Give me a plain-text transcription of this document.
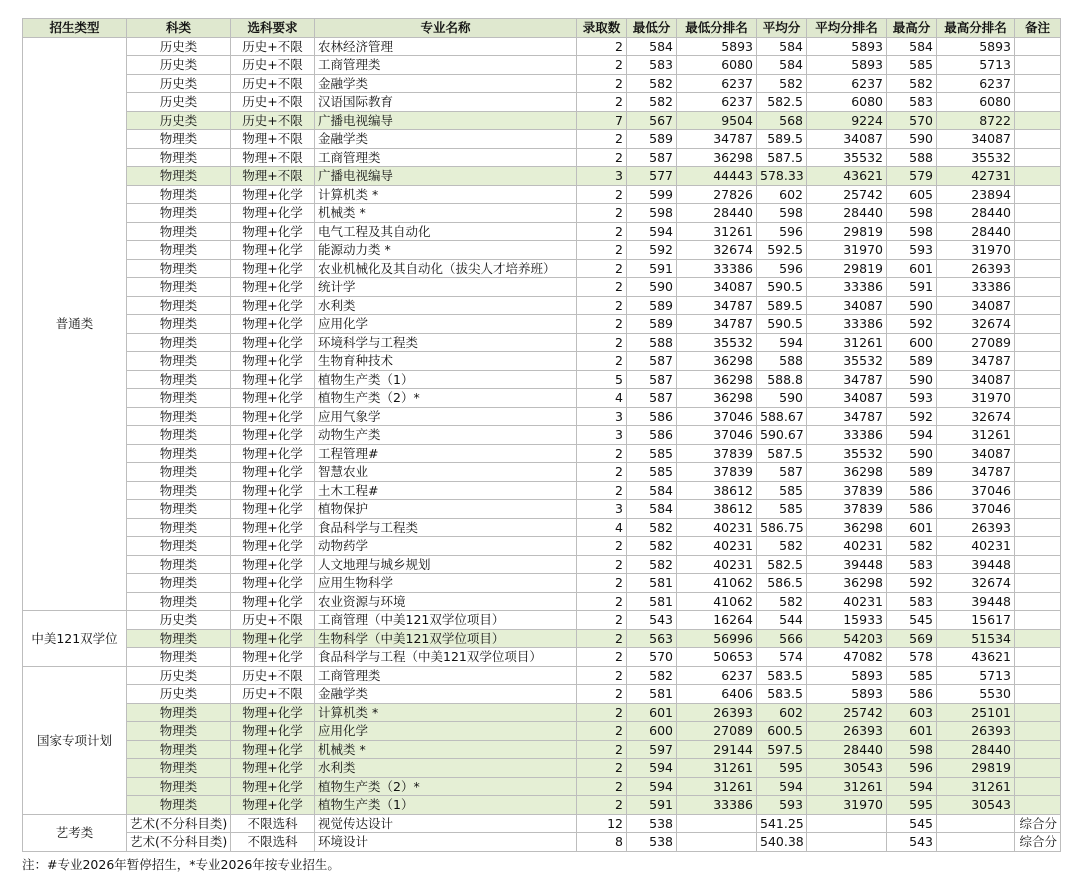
招生类型	科类	选科要求	专业名称	录取数	最低分	最低分排名	平均分	平均分排名	最高分	最高分排名	备注
普通类	历史类	历史+不限	农林经济管理	2	584	5893	584	5893	584	5893	
	历史类	历史+不限	工商管理类	2	583	6080	584	5893	585	5713	
	历史类	历史+不限	金融学类	2	582	6237	582	6237	582	6237	
	历史类	历史+不限	汉语国际教育	2	582	6237	582.5	6080	583	6080	
	历史类	历史+不限	广播电视编导	7	567	9504	568	9224	570	8722	
	物理类	物理+不限	金融学类	2	589	34787	589.5	34087	590	34087	
	物理类	物理+不限	工商管理类	2	587	36298	587.5	35532	588	35532	
	物理类	物理+不限	广播电视编导	3	577	44443	578.33	43621	579	42731	
	物理类	物理+化学	计算机类 *	2	599	27826	602	25742	605	23894	
	物理类	物理+化学	机械类 *	2	598	28440	598	28440	598	28440	
	物理类	物理+化学	电气工程及其自动化	2	594	31261	596	29819	598	28440	
	物理类	物理+化学	能源动力类 *	2	592	32674	592.5	31970	593	31970	
	物理类	物理+化学	农业机械化及其自动化（拔尖人才培养班）	2	591	33386	596	29819	601	26393	
	物理类	物理+化学	统计学	2	590	34087	590.5	33386	591	33386	
	物理类	物理+化学	水利类	2	589	34787	589.5	34087	590	34087	
	物理类	物理+化学	应用化学	2	589	34787	590.5	33386	592	32674	
	物理类	物理+化学	环境科学与工程类	2	588	35532	594	31261	600	27089	
	物理类	物理+化学	生物育种技术	2	587	36298	588	35532	589	34787	
	物理类	物理+化学	植物生产类（1）	5	587	36298	588.8	34787	590	34087	
	物理类	物理+化学	植物生产类（2）*	4	587	36298	590	34087	593	31970	
	物理类	物理+化学	应用气象学	3	586	37046	588.67	34787	592	32674	
	物理类	物理+化学	动物生产类	3	586	37046	590.67	33386	594	31261	
	物理类	物理+化学	工程管理#	2	585	37839	587.5	35532	590	34087	
	物理类	物理+化学	智慧农业	2	585	37839	587	36298	589	34787	
	物理类	物理+化学	土木工程#	2	584	38612	585	37839	586	37046	
	物理类	物理+化学	植物保护	3	584	38612	585	37839	586	37046	
	物理类	物理+化学	食品科学与工程类	4	582	40231	586.75	36298	601	26393	
	物理类	物理+化学	动物药学	2	582	40231	582	40231	582	40231	
	物理类	物理+化学	人文地理与城乡规划	2	582	40231	582.5	39448	583	39448	
	物理类	物理+化学	应用生物科学	2	581	41062	586.5	36298	592	32674	
	物理类	物理+化学	农业资源与环境	2	581	41062	582	40231	583	39448	
中美121双学位	历史类	历史+不限	工商管理（中美121双学位项目）	2	543	16264	544	15933	545	15617	
	物理类	物理+化学	生物科学（中美121双学位项目）	2	563	56996	566	54203	569	51534	
	物理类	物理+化学	食品科学与工程（中美121双学位项目）	2	570	50653	574	47082	578	43621	
国家专项计划	历史类	历史+不限	工商管理类	2	582	6237	583.5	5893	585	5713	
	历史类	历史+不限	金融学类	2	581	6406	583.5	5893	586	5530	
	物理类	物理+化学	计算机类 *	2	601	26393	602	25742	603	25101	
	物理类	物理+化学	应用化学	2	600	27089	600.5	26393	601	26393	
	物理类	物理+化学	机械类 *	2	597	29144	597.5	28440	598	28440	
	物理类	物理+化学	水利类	2	594	31261	595	30543	596	29819	
	物理类	物理+化学	植物生产类（2）*	2	594	31261	594	31261	594	31261	
	物理类	物理+化学	植物生产类（1）	2	591	33386	593	31970	595	30543	
艺考类	艺术(不分科目类)	不限选科	视觉传达设计	12	538		541.25		545		综合分
	艺术(不分科目类)	不限选科	环境设计	8	538		540.38		543		综合分
注：#专业2026年暂停招生，*专业2026年按专业招生。
